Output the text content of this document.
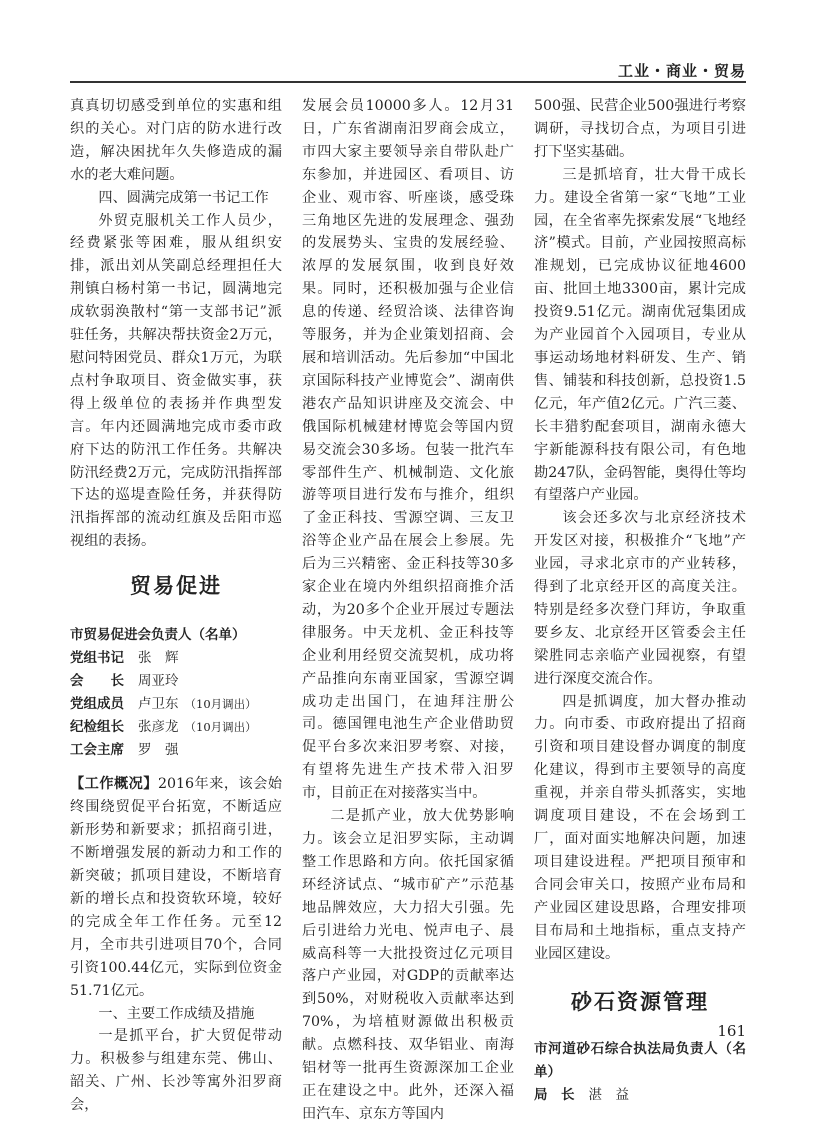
工业・商业・贸易

真真切切感受到单位的实惠和组织的关心。对门店的防水进行改造，解决困扰年久失修造成的漏水的老大难问题。

四、圆满完成第一书记工作

外贸克服机关工作人员少，经费紧张等困难，服从组织安排，派出刘从笑副总经理担任大荆镇白杨村第一书记，圆满地完成软弱涣散村“第一支部书记”派驻任务，共解决帮扶资金2万元，慰问特困党员、群众1万元，为联点村争取项目、资金做实事，获得上级单位的表扬并作典型发言。年内还圆满地完成市委市政府下达的防汛工作任务。共解决防汛经费2万元，完成防汛指挥部下达的巡堤查险任务，并获得防汛指挥部的流动红旗及岳阳市巡视组的表扬。

贸易促进
市贸易促进会负责人（名单）
党组书记	张　辉
会　　长	周亚玲
党组成员	卢卫东 （10月调出）
纪检组长	张彦龙 （10月调出）
工会主席	罗　强

【工作概况】2016年来，该会始终围绕贸促平台拓宽，不断适应新形势和新要求；抓招商引进，不断增强发展的新动力和工作的新突破；抓项目建设，不断培育新的增长点和投资软环境，较好的完成全年工作任务。元至12月，全市共引进项目70个，合同引资100.44亿元，实际到位资金51.71亿元。

一、主要工作成绩及措施

一是抓平台，扩大贸促带动力。积极参与组建东莞、佛山、韶关、广州、长沙等寓外汨罗商会，

发展会员10000多人。12月31日，广东省湖南汨罗商会成立，市四大家主要领导亲自带队赴广东参加，并进园区、看项目、访企业、观市容、听座谈，感受珠三角地区先进的发展理念、强劲的发展势头、宝贵的发展经验、浓厚的发展氛围，收到良好效果。同时，还积极加强与企业信息的传递、经贸洽谈、法律咨询等服务，并为企业策划招商、会展和培训活动。先后参加“中国北京国际科技产业博览会”、湖南供港农产品知识讲座及交流会、中俄国际机械建材博览会等国内贸易交流会30多场。包装一批汽车零部件生产、机械制造、文化旅游等项目进行发布与推介，组织了金正科技、雪源空调、三友卫浴等企业产品在展会上参展。先后为三兴精密、金正科技等30多家企业在境内外组织招商推介活动，为20多个企业开展过专题法律服务。中天龙机、金正科技等企业利用经贸交流契机，成功将产品推向东南亚国家，雪源空调成功走出国门，在迪拜注册公司。德国锂电池生产企业借助贸促平台多次来汨罗考察、对接，有望将先进生产技术带入汨罗市，目前正在对接落实当中。

二是抓产业，放大优势影响力。该会立足汨罗实际，主动调整工作思路和方向。依托国家循环经济试点、“城市矿产”示范基地品牌效应，大力招大引强。先后引进给力光电、悦声电子、晨威高科等一大批投资过亿元项目落户产业园，对GDP的贡献率达到50%，对财税收入贡献率达到70%，为培植财源做出积极贡献。点燃科技、双华铝业、南海铝材等一批再生资源深加工企业正在建设之中。此外，还深入福田汽车、京东方等国内

500强、民营企业500强进行考察调研，寻找切合点，为项目引进打下坚实基础。

三是抓培育，壮大骨干成长力。建设全省第一家“飞地”工业园，在全省率先探索发展“飞地经济”模式。目前，产业园按照高标准规划，已完成协议征地4600亩、批回土地3300亩，累计完成投资9.51亿元。湖南优冠集团成为产业园首个入园项目，专业从事运动场地材料研发、生产、销售、铺装和科技创新，总投资1.5亿元，年产值2亿元。广汽三菱、长丰猎豹配套项目，湖南永德大宇新能源科技有限公司，有色地勘247队，金码智能，奥得仕等均有望落户产业园。

该会还多次与北京经济技术开发区对接，积极推介“飞地”产业园，寻求北京市的产业转移，得到了北京经开区的高度关注。特别是经多次登门拜访，争取重要乡友、北京经开区管委会主任梁胜同志亲临产业园视察，有望进行深度交流合作。

四是抓调度，加大督办推动力。向市委、市政府提出了招商引资和项目建设督办调度的制度化建议，得到市主要领导的高度重视，并亲自带头抓落实，实地调度项目建设，不在会场到工厂，面对面实地解决问题，加速项目建设进程。严把项目预审和合同会审关口，按照产业布局和产业园区建设思路，合理安排项目布局和土地指标，重点支持产业园区建设。

砂石资源管理
市河道砂石综合执法局负责人（名单）
局　长 湛　益
161
